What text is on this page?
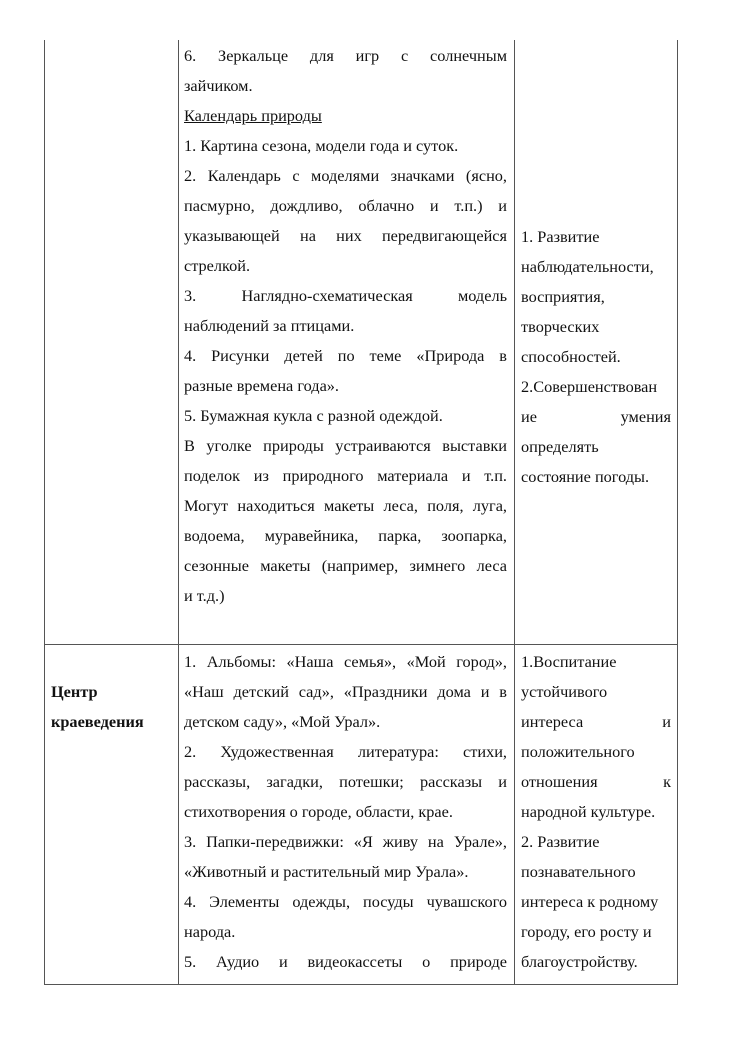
6. Зеркальце для игр с солнечным
зайчиком.
Календарь природы
1. Картина сезона, модели года и суток.
2. Календарь с моделями значками (ясно,
пасмурно, дождливо, облачно и т.п.) и
указывающей на них передвигающейся
стрелкой.
3. Наглядно-схематическая модель
наблюдений за птицами.
4. Рисунки детей по теме «Природа в
разные времена года».
5. Бумажная кукла с разной одеждой.
В уголке природы устраиваются выставки
поделок из природного материала и т.п.
Могут находиться макеты леса, поля, луга,
водоема, муравейника, парка, зоопарка,
сезонные макеты (например, зимнего леса
и т.д.)
1. Развитие
наблюдательности,
восприятия,
творческих
способностей.
2.Совершенствован
ие умения
определять
состояние погоды.
Центр
краеведения
1. Альбомы: «Наша семья», «Мой город»,
«Наш детский сад», «Праздники дома и в
детском саду», «Мой Урал».
2. Художественная литература: стихи,
рассказы, загадки, потешки; рассказы и
стихотворения о городе, области, крае.
3. Папки-передвижки: «Я живу на Урале»,
«Животный и растительный мир Урала».
4. Элементы одежды, посуды чувашского
народа.
5. Аудио и видеокассеты о природе
1.Воспитание
устойчивого
интереса и
положительного
отношения к
народной культуре.
2. Развитие
познавательного
интереса к родному
городу, его росту и
благоустройству.
